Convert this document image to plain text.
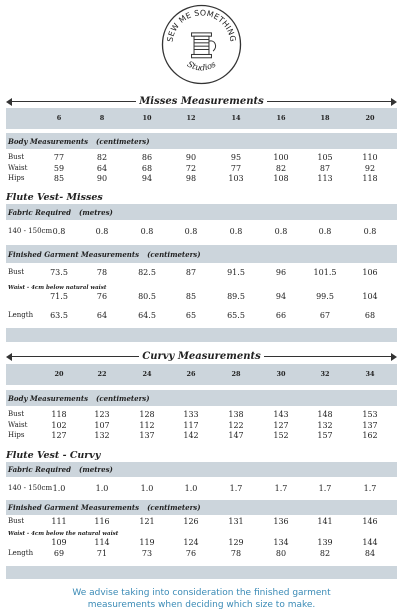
SEW ME SOMETHING
Studios
Misses Measurements
6	8	10	12	14	16	18	20
Body Measurements (centimeters)
Bust	77	82	86	90	95	100	105	110
Waist	59	64	68	72	77	82	87	92
Hips	85	90	94	98	103	108	113	118
Flute Vest- Misses
Fabric Required (metres)
140 - 150cm 0.8	0.8	0.8	0.8	0.8	0.8	0.8	0.8
Finished Garment Measurements (centimeters)
Bust	73.5	78	82.5	87	91.5	96	101.5	106
Waist - 4cm below natural waist
71.5	76	80.5	85	89.5	94	99.5	104
Length	63.5	64	64.5	65	65.5	66	67	68
Curvy Measurements
20	22	24	26	28	30	32	34
Body Measurements (centimeters)
Bust	118	123	128	133	138	143	148	153
Waist	102	107	112	117	122	127	132	137
Hips	127	132	137	142	147	152	157	162
Flute Vest - Curvy
Fabric Required (metres)
140 - 150cm 1.0	1.0	1.0	1.0	1.7	1.7	1.7	1.7
Finished Garment Measurements (centimeters)
Bust	111	116	121	126	131	136	141	146
Waist - 4cm below the natural waist
109	114	119	124	129	134	139	144
Length	69	71	73	76	78	80	82	84
We advise taking into consideration the finished garment
measurements when deciding which size to make.
